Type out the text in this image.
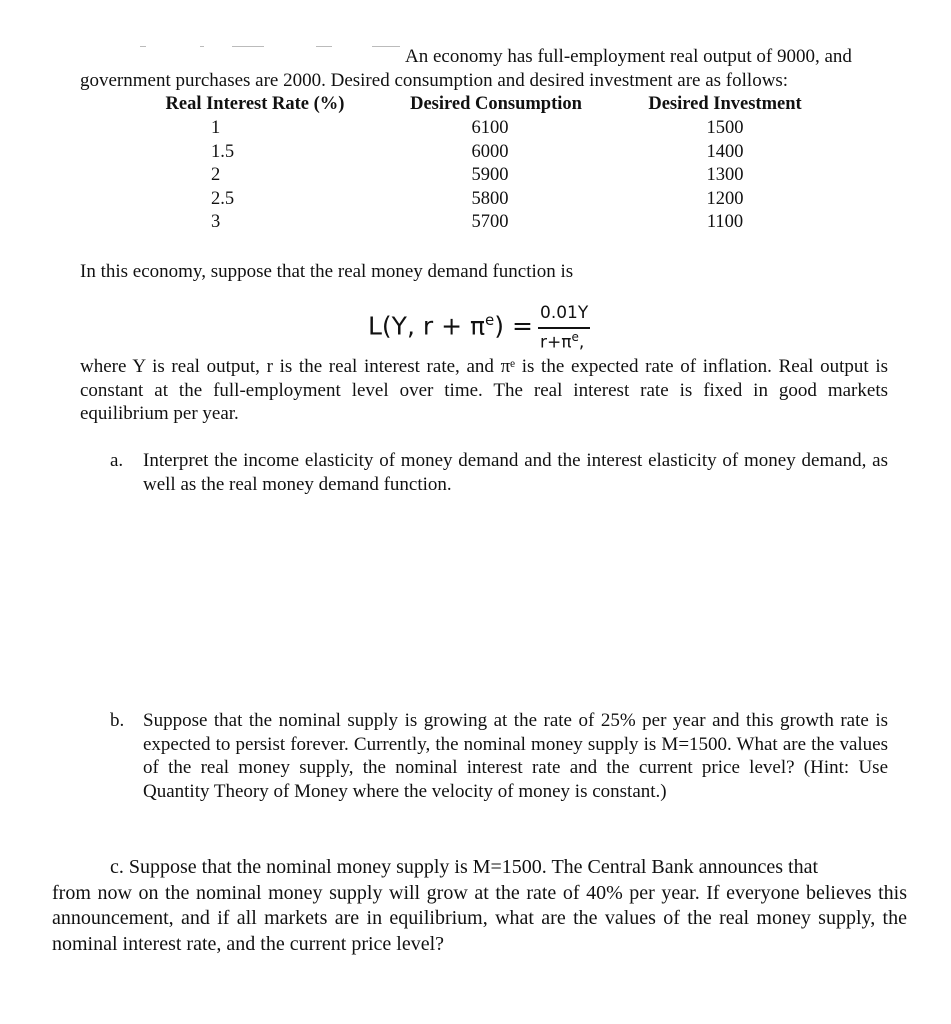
An economy has full-employment real output of 9000, and
government purchases are 2000. Desired consumption and desired investment are as follows:
Real Interest Rate (%)	Desired Consumption	Desired Investment
1
1.5
2
2.5
3
6100
6000
5900
5800
5700
1500
1400
1300
1200
1100
In this economy, suppose that the real money demand function is
L(Y, $r + \pi^e) = 0.01Y$
$r+\pi^e$,
where Y is real output, r is the real interest rate, and πᵉ is the expected rate of inflation. Real output is constant at the full-employment level over time. The real interest rate is fixed in good markets equilibrium per year.
a. Interpret the income elasticity of money demand and the interest elasticity of money demand, as well as the real money demand function.
b. Suppose that the nominal supply is growing at the rate of 25% per year and this growth rate is expected to persist forever. Currently, the nominal money supply is M=1500. What are the values of the real money supply, the nominal interest rate and the current price level? (Hint: Use Quantity Theory of Money where the velocity of money is constant.)
c. Suppose that the nominal money supply is M=1500. The Central Bank announces that
from now on the nominal money supply will grow at the rate of 40% per year. If everyone believes this announcement, and if all markets are in equilibrium, what are the values of the real money supply, the nominal interest rate, and the current price level?
